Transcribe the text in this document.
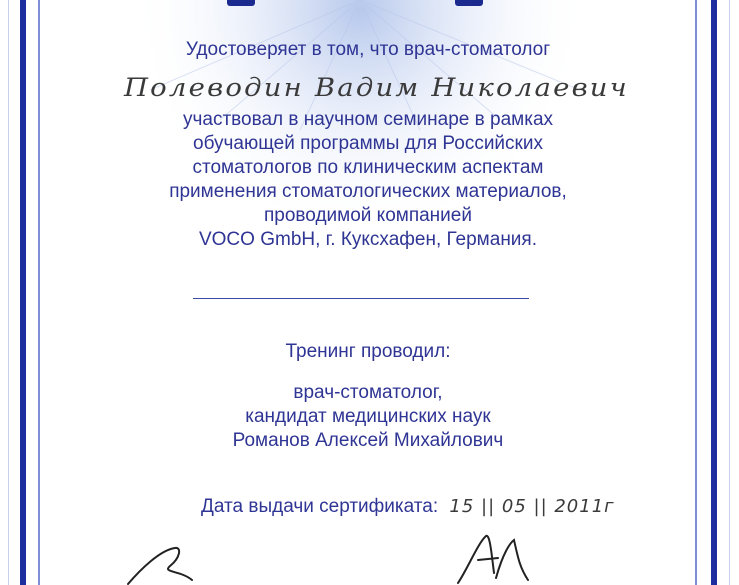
Удостоверяет в том, что врач-стоматолог
Полеводин Вадим Николаевич
участвовал в научном семинаре в рамках
обучающей программы для Российских
стоматологов по клиническим аспектам
применения стоматологических материалов,
проводимой компанией
VOCO GmbH, г. Куксхафен, Германия.
Тренинг проводил:
врач-стоматолог,
кандидат медицинских наук
Романов Алексей Михайлович
Дата выдачи сертификата: 15 || 05 || 2011г
